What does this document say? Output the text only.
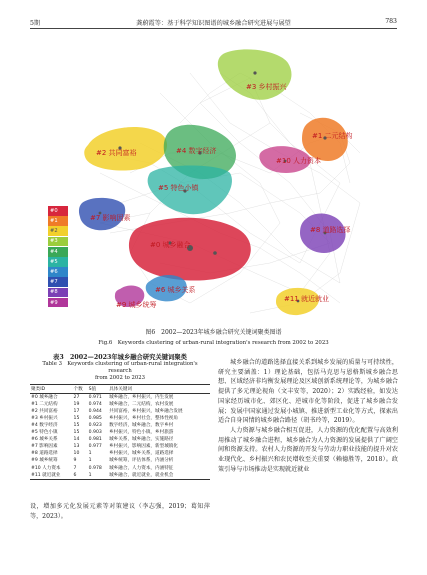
5期	龚蔚霞等：基于科学知识图谱的城乡融合研究进展与展望	783
#3 乡村振兴
#1 二元结构
#2 共同富裕	#4 数字经济
#5 特色小镇
#10 人力资本
#7 影响因素
#0 城乡融合
#8 道路选择
#6 城乡关系
#9 城乡统筹
#11 就近就业
#0
#1
#2
#3
#4
#5
#6
#7
#8
#9
图6　2002—2023年城乡融合研究关键词聚类图谱
Fig.6　Keywords clustering of urban-rural integration's research from 2002 to 2023
表3　2002—2023年城乡融合研究关键词聚类
Table 3　Keywords clustering of urban-rural integration's research
from 2002 to 2023
聚类ID	个数	S值	具体关键词
#0 城乡融合	27	0.971	城乡融合，乡村振兴，内生发展
#1 二元结构	19	0.974	城乡融合，二元结构，农村发展
#2 共同富裕	17	0.944	共同富裕，乡村振兴，城乡融合发展
#3 乡村振兴	15	0.985	乡村振兴，乡村社会，整体性视角
#4 数字经济	15	0.923	数字经济，城乡融合，数字乡村
#5 特色小镇	15	0.903	乡村振兴，特色小镇，乡村旅游
#6 城乡关系	14	0.981	城乡关系，城乡融合，实施路径
#7 影响因素	13	0.977	乡村振兴，影响因素，新型城镇化
#8 道路选择	10	1	乡村振兴，城乡关系，道路选择
#9 城乡统筹	9	1	城乡统筹，评估体系，内涵分析
#10 人力资本	7	0.978	城乡融合，人力资本，内涵特征
#11 就近就业	6	1	城乡融合，就近就业，就业机会

设，增加多元化发展元素等对策建议（李志强，2019；葛知萍等，2023）。

城乡融合的道路选择直接关系到城乡发展的质量与可持续性，研究主要涵盖：1）理论基础，包括马克思与恩格斯城乡融合思想、区域经济非均衡发展理论及区域创新系统理论等，为城乡融合提供了多元理论视角（文丰安等，2020）；2）实践经验，如发达国家经历城市化、郊区化、逆城市化等阶段，促进了城乡融合发展；发展中国家通过发展小城镇、推进新型工业化等方式，探索出适合自身国情的城乡融合路径（胡书玲等，2019）。

人力资源与城乡融合相互促进，人力资源的优化配置与高效利用推动了城乡融合进程，城乡融合为人力资源的发展提供了广阔空间和资源支持。农村人力资源的开发与劳动力职业技能的提升对农业现代化、乡村振兴和农民增收至关重要（赖德胜等，2018）。政策引导与市场推动是实现就近就业
